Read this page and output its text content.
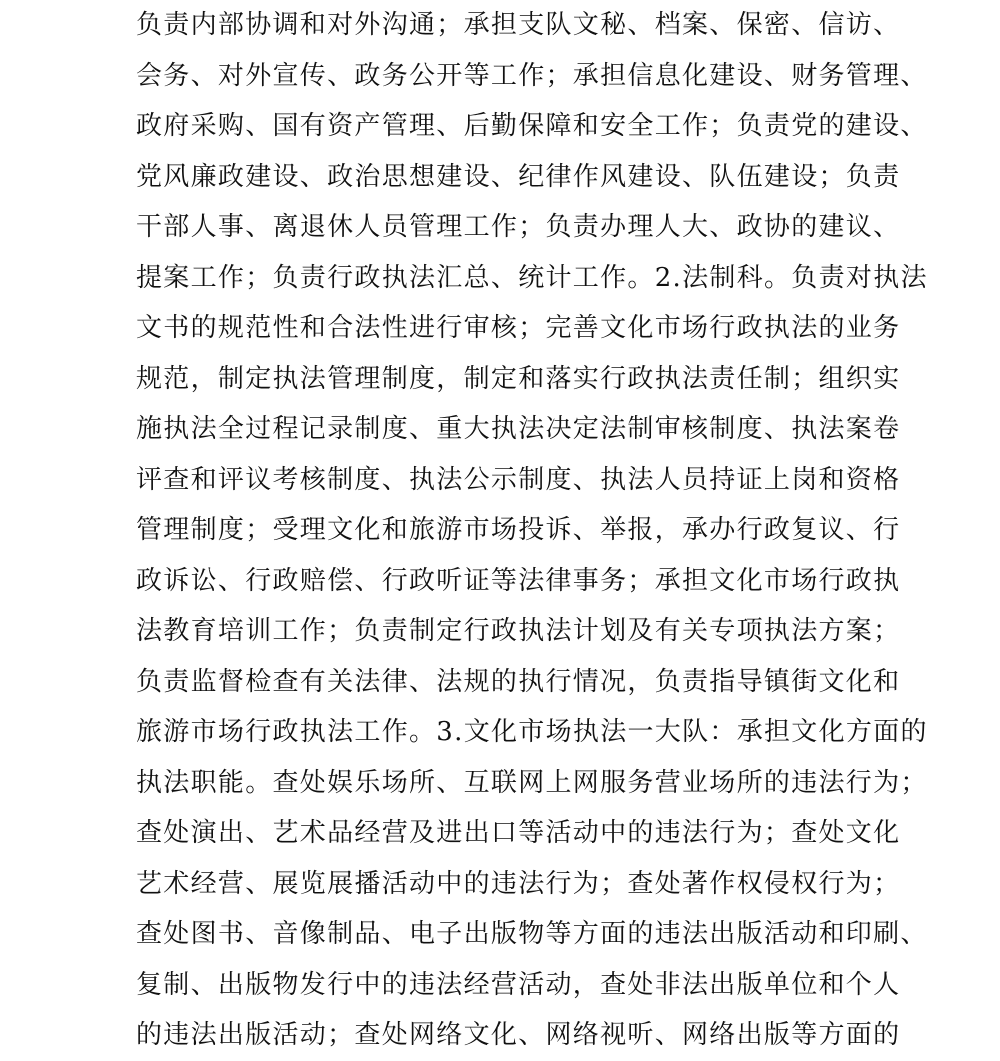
负责内部协调和对外沟通；承担支队文秘、档案、保密、信访、
会务、对外宣传、政务公开等工作；承担信息化建设、财务管理、
政府采购、国有资产管理、后勤保障和安全工作；负责党的建设、
党风廉政建设、政治思想建设、纪律作风建设、队伍建设；负责
干部人事、离退休人员管理工作；负责办理人大、政协的建议、
提案工作；负责行政执法汇总、统计工作。2.法制科。负责对执法
文书的规范性和合法性进行审核；完善文化市场行政执法的业务
规范，制定执法管理制度，制定和落实行政执法责任制；组织实
施执法全过程记录制度、重大执法决定法制审核制度、执法案卷
评查和评议考核制度、执法公示制度、执法人员持证上岗和资格
管理制度；受理文化和旅游市场投诉、举报，承办行政复议、行
政诉讼、行政赔偿、行政听证等法律事务；承担文化市场行政执
法教育培训工作；负责制定行政执法计划及有关专项执法方案；
负责监督检查有关法律、法规的执行情况，负责指导镇街文化和
旅游市场行政执法工作。3.文化市场执法一大队：承担文化方面的
执法职能。查处娱乐场所、互联网上网服务营业场所的违法行为；
查处演出、艺术品经营及进出口等活动中的违法行为；查处文化
艺术经营、展览展播活动中的违法行为；查处著作权侵权行为；
查处图书、音像制品、电子出版物等方面的违法出版活动和印刷、
复制、出版物发行中的违法经营活动，查处非法出版单位和个人
的违法出版活动；查处网络文化、网络视听、网络出版等方面的
